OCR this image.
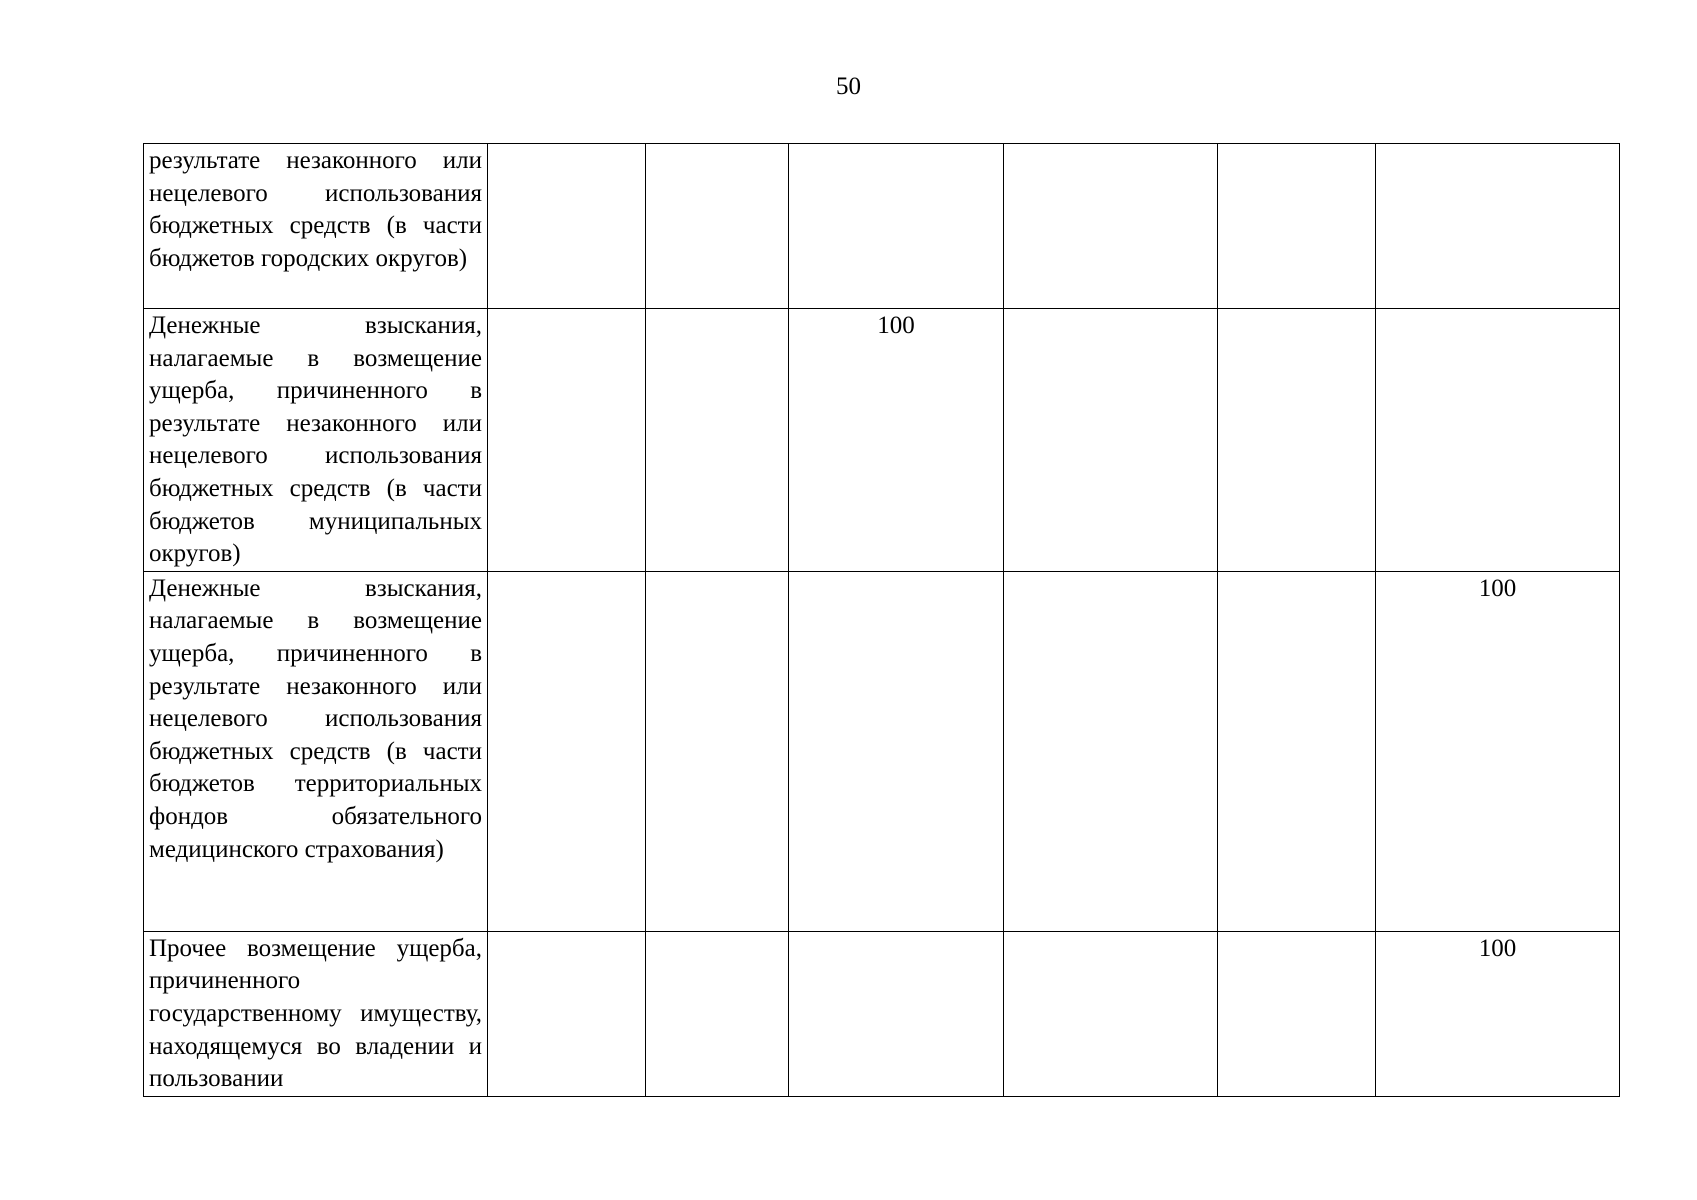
50
результате незаконного или нецелевого использования бюджетных средств (в части бюджетов городских округов)						

Денежные взыскания, налагаемые в возмещение ущерба, причиненного в результате незаконного или нецелевого использования бюджетных средств (в части бюджетов муниципальных округов)			100			

Денежные взыскания, налагаемые в возмещение ущерба, причиненного в результате незаконного или нецелевого использования бюджетных средств (в части бюджетов территориальных фондов обязательного медицинского страхования)						100

Прочее возмещение ущерба, причиненного государственному имуществу, находящемуся во владении и пользовании						100
